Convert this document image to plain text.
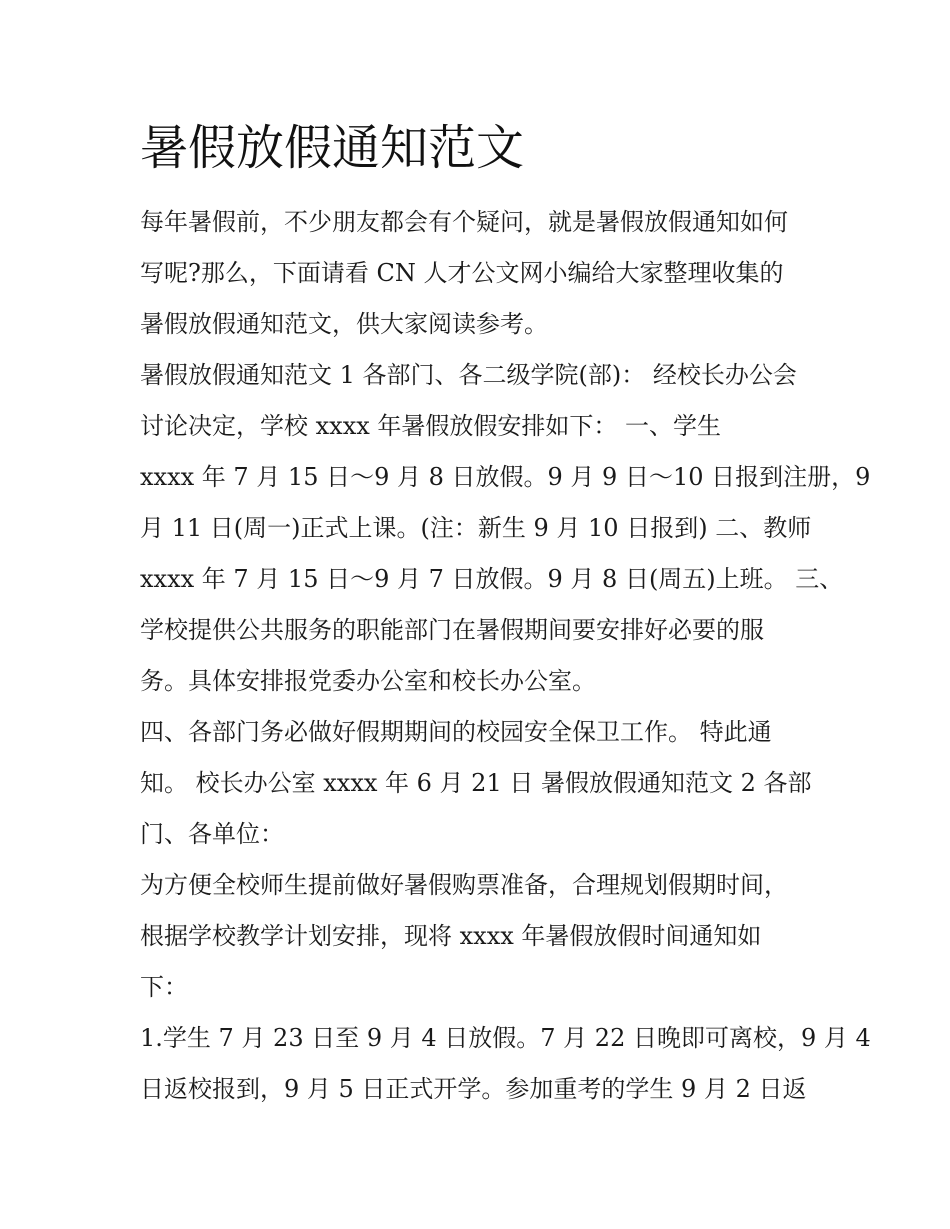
暑假放假通知范文

每年暑假前，不少朋友都会有个疑问，就是暑假放假通知如何

写呢?那么，下面请看 CN 人才公文网小编给大家整理收集的

暑假放假通知范文，供大家阅读参考。

暑假放假通知范文 1 各部门、各二级学院(部)： 经校长办公会

讨论决定，学校 xxxx 年暑假放假安排如下： 一、学生

xxxx 年 7 月 15 日～9 月 8 日放假。9 月 9 日～10 日报到注册，9

月 11 日(周一)正式上课。(注：新生 9 月 10 日报到) 二、教师

xxxx 年 7 月 15 日～9 月 7 日放假。9 月 8 日(周五)上班。 三、

学校提供公共服务的职能部门在暑假期间要安排好必要的服

务。具体安排报党委办公室和校长办公室。

四、各部门务必做好假期期间的校园安全保卫工作。 特此通

知。 校长办公室 xxxx 年 6 月 21 日 暑假放假通知范文 2 各部

门、各单位：

为方便全校师生提前做好暑假购票准备，合理规划假期时间，

根据学校教学计划安排，现将 xxxx 年暑假放假时间通知如

下：

1.学生 7 月 23 日至 9 月 4 日放假。7 月 22 日晚即可离校，9 月 4

日返校报到，9 月 5 日正式开学。参加重考的学生 9 月 2 日返
